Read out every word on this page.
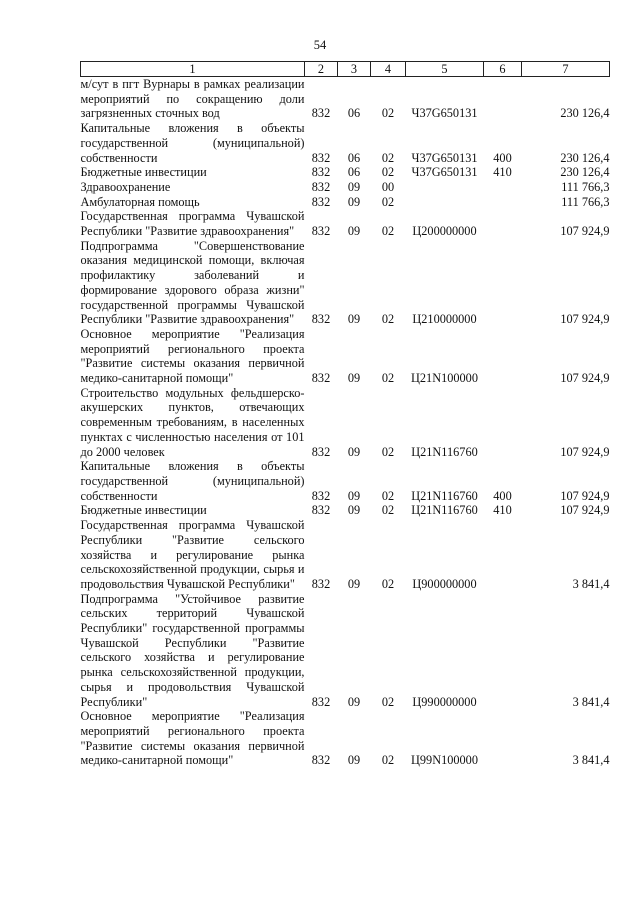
54
1	2	3	4	5	6	7
м/сут в пгт Вурнары в рамках реализации мероприятий по сокращению доли загрязненных сточных вод	832	06	02	Ч37G650131		230 126,4
Капитальные вложения в объекты государственной (муниципальной) собственности	832	06	02	Ч37G650131	400	230 126,4
Бюджетные инвестиции	832	06	02	Ч37G650131	410	230 126,4
Здравоохранение	832	09	00			111 766,3
Амбулаторная помощь	832	09	02			111 766,3
Государственная программа Чувашской Республики "Развитие здравоохранения"	832	09	02	Ц200000000		107 924,9
Подпрограмма "Совершенствование оказания медицинской помощи, включая профилактику заболеваний и формирование здорового образа жизни" государственной программы Чувашской Республики "Развитие здравоохранения"	832	09	02	Ц210000000		107 924,9
Основное мероприятие "Реализация мероприятий регионального проекта "Развитие системы оказания первичной медико-санитарной помощи"	832	09	02	Ц21N100000		107 924,9
Строительство модульных фельдшерско-акушерских пунктов, отвечающих современным требованиям, в населенных пунктах с численностью населения от 101 до 2000 человек	832	09	02	Ц21N116760		107 924,9
Капитальные вложения в объекты государственной (муниципальной) собственности	832	09	02	Ц21N116760	400	107 924,9
Бюджетные инвестиции	832	09	02	Ц21N116760	410	107 924,9
Государственная программа Чувашской Республики "Развитие сельского хозяйства и регулирование рынка сельскохозяйственной продукции, сырья и продовольствия Чувашской Республики"	832	09	02	Ц900000000		3 841,4
Подпрограмма "Устойчивое развитие сельских территорий Чувашской Республики" государственной программы Чувашской Республики "Развитие сельского хозяйства и регулирование рынка сельскохозяйственной продукции, сырья и продовольствия Чувашской Республики"	832	09	02	Ц990000000		3 841,4
Основное мероприятие "Реализация мероприятий регионального проекта "Развитие системы оказания первичной медико-санитарной помощи"	832	09	02	Ц99N100000		3 841,4
